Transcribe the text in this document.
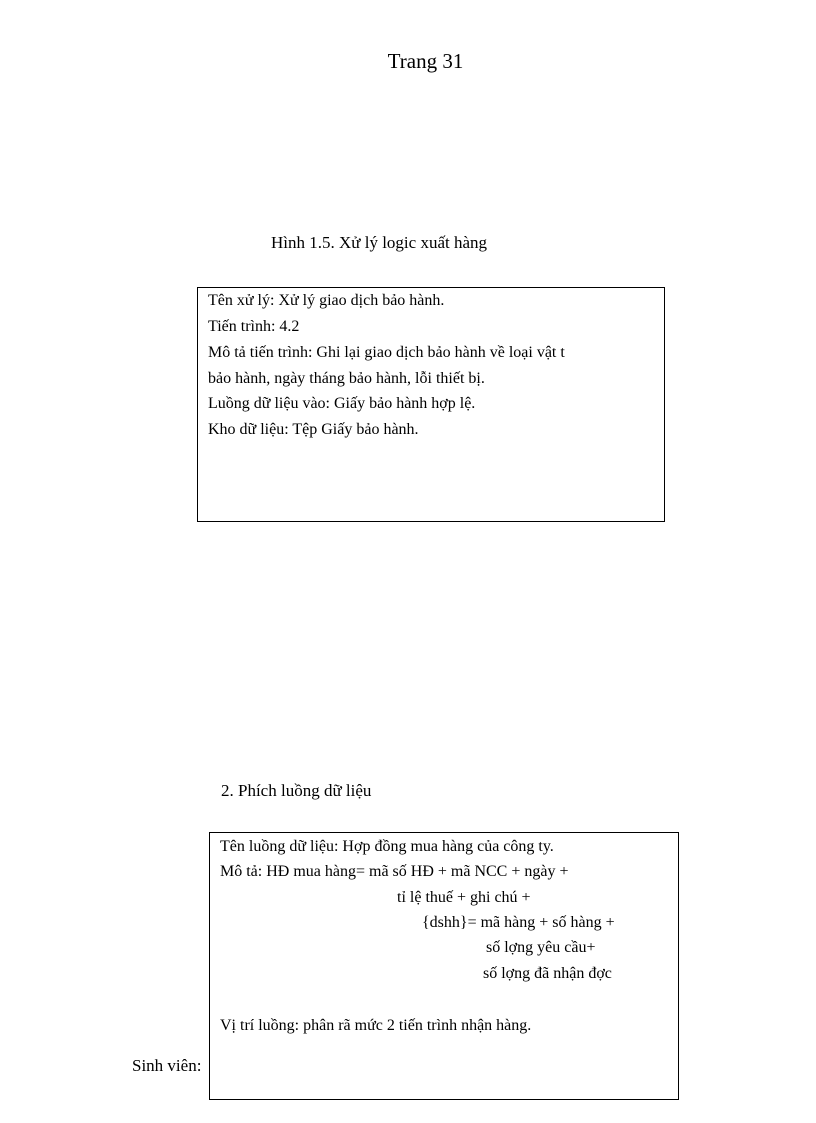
Trang 31
Hình 1.5. Xử lý logic xuất hàng
Tên xử lý: Xử lý giao dịch bảo hành.
Tiến trình: 4.2
Mô tả tiến trình: Ghi lại giao dịch bảo hành về loại vật t
bảo hành, ngày tháng bảo hành, lỗi thiết bị.
Luồng dữ liệu vào: Giấy bảo hành hợp lệ.
Kho dữ liệu: Tệp Giấy bảo hành.
2. Phích luồng dữ liệu
Tên luồng dữ liệu: Hợp đồng mua hàng của công ty.
Mô tả: HĐ mua hàng= mã số HĐ + mã NCC + ngày +
tỉ lệ thuế + ghi chú +
{dshh}= mã hàng + số hàng +
số lợng yêu cầu+
số lợng đã nhận đợc
Vị trí luồng: phân rã mức 2 tiến trình nhận hàng.
Sinh viên:
